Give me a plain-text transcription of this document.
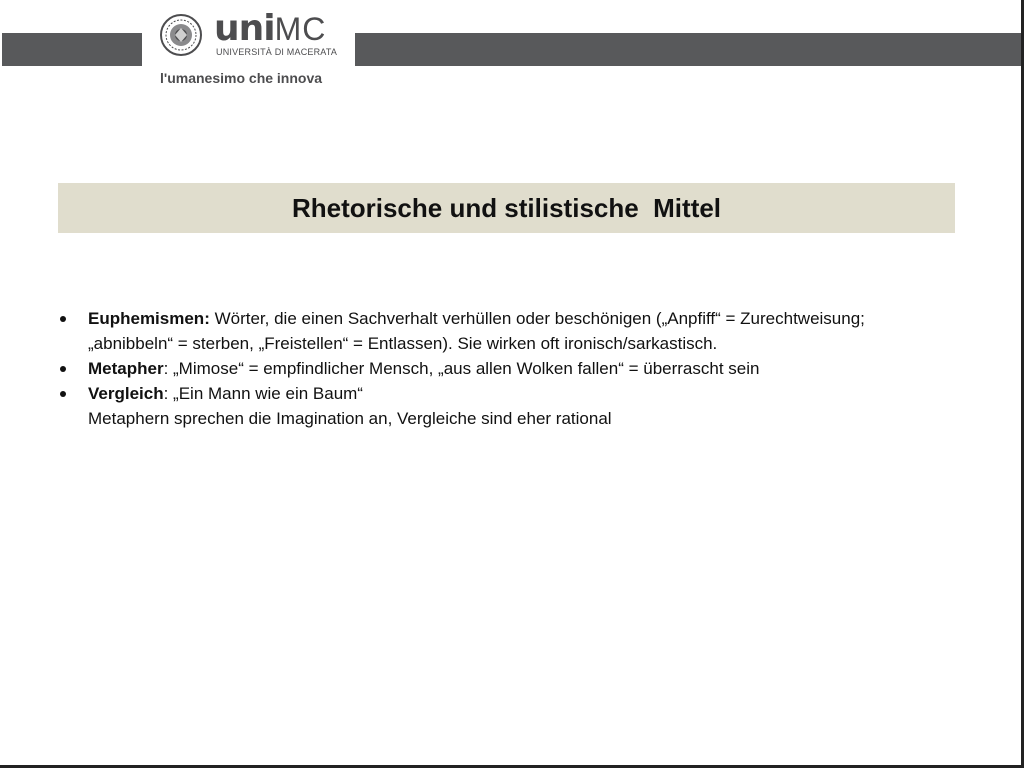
uniMC
UNIVERSITÀ DI MACERATA
l'umanesimo che innova
Rhetorische und stilistische  Mittel
Euphemismen: Wörter, die einen Sachverhalt verhüllen oder beschönigen („Anpfiff“ = Zurechtweisung; „abnibbeln“ = sterben, „Freistellen“ = Entlassen). Sie wirken oft ironisch/sarkastisch.
Metapher: „Mimose“ = empfindlicher Mensch, „aus allen Wolken fallen“ = überrascht sein
Vergleich: „Ein Mann wie ein Baum“
Metaphern sprechen die Imagination an, Vergleiche sind eher rational
